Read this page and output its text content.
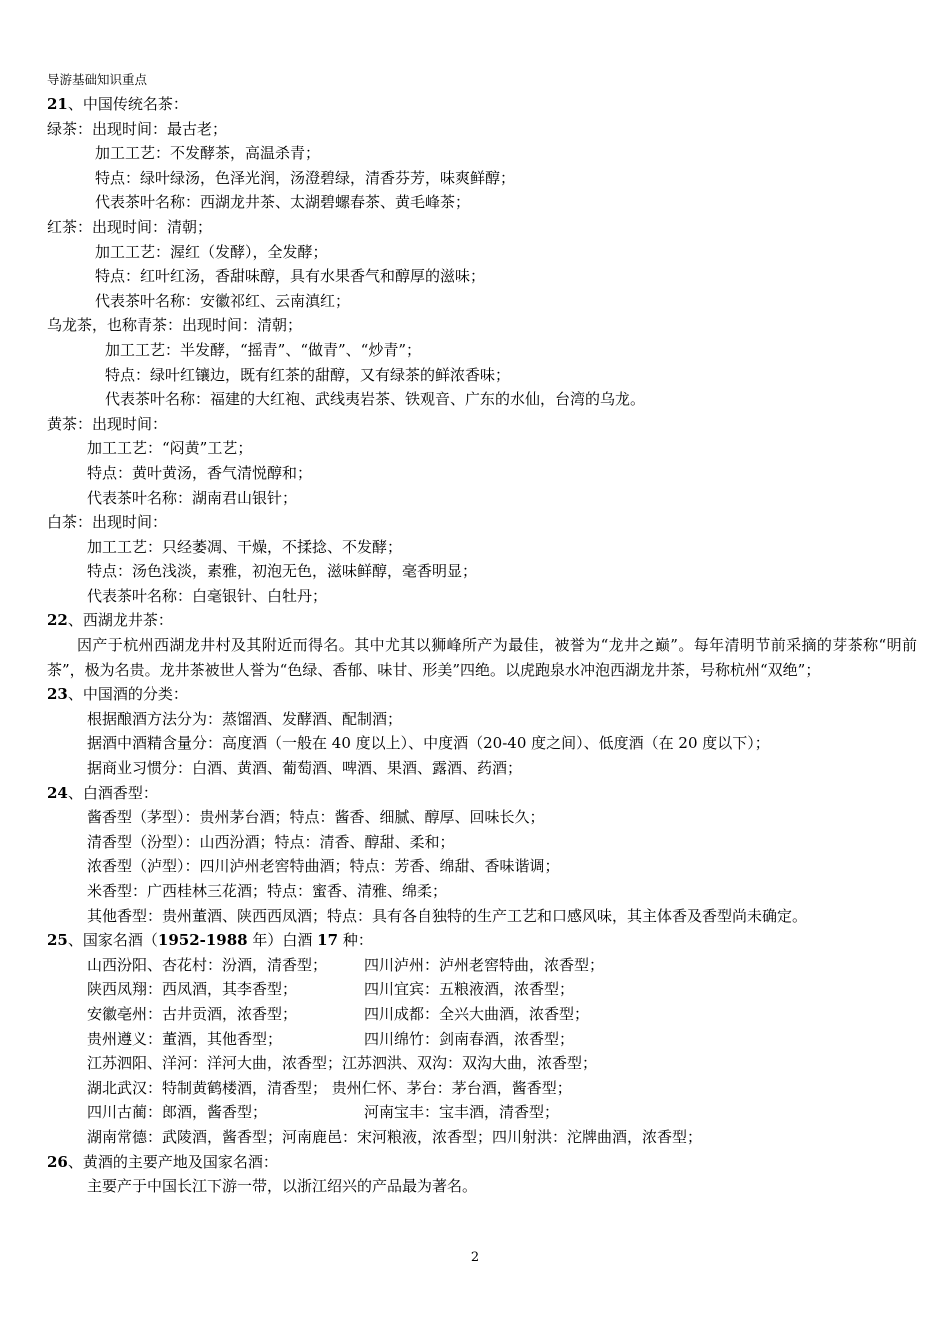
导游基础知识重点
21、中国传统名茶：
绿茶：出现时间：最古老；
加工工艺：不发酵茶，高温杀青；
特点：绿叶绿汤，色泽光润，汤澄碧绿，清香芬芳，味爽鲜醇；
代表茶叶名称：西湖龙井茶、太湖碧螺春茶、黄毛峰茶；
红茶：出现时间：清朝；
加工工艺：渥红（发酵），全发酵；
特点：红叶红汤，香甜味醇，具有水果香气和醇厚的滋味；
代表茶叶名称：安徽祁红、云南滇红；
乌龙茶，也称青茶：出现时间：清朝；
加工工艺：半发酵，“摇青”、“做青”、“炒青”；
特点：绿叶红镶边，既有红茶的甜醇，又有绿茶的鲜浓香味；
代表茶叶名称：福建的大红袍、武线夷岩茶、铁观音、广东的水仙，台湾的乌龙。
黄茶：出现时间：
加工工艺：“闷黄”工艺；
特点：黄叶黄汤，香气清悦醇和；
代表茶叶名称：湖南君山银针；
白茶：出现时间：
加工工艺：只经萎凋、干燥，不揉捻、不发酵；
特点：汤色浅淡，素雅，初泡无色，滋味鲜醇，毫香明显；
代表茶叶名称：白毫银针、白牡丹；
22、西湖龙井茶：
因产于杭州西湖龙井村及其附近而得名。其中尤其以狮峰所产为最佳，被誉为“龙井之巅”。每年清明节前采摘的芽茶称“明前茶”，极为名贵。龙井茶被世人誉为“色绿、香郁、味甘、形美”四绝。以虎跑泉水冲泡西湖龙井茶，号称杭州“双绝”；
23、中国酒的分类：
根据酿酒方法分为：蒸馏酒、发酵酒、配制酒；
据酒中酒精含量分：高度酒（一般在 40 度以上）、中度酒（20-40 度之间）、低度酒（在 20 度以下）；
据商业习惯分：白酒、黄酒、葡萄酒、啤酒、果酒、露酒、药酒；
24、白酒香型：
酱香型（茅型）：贵州茅台酒；特点：酱香、细腻、醇厚、回味长久；
清香型（汾型）：山西汾酒；特点：清香、醇甜、柔和；
浓香型（泸型）：四川泸州老窖特曲酒；特点：芳香、绵甜、香味谐调；
米香型：广西桂林三花酒；特点：蜜香、清雅、绵柔；
其他香型：贵州董酒、陕西西凤酒；特点：具有各自独特的生产工艺和口感风味，其主体香及香型尚未确定。
25、国家名酒（1952-1988 年）白酒 17 种：
山西汾阳、杏花村：汾酒，清香型； 四川泸州：泸州老窖特曲，浓香型；
陕西凤翔：西凤酒，其李香型；	四川宜宾：五粮液酒，浓香型；
安徽亳州：古井贡酒，浓香型；	四川成都：全兴大曲酒，浓香型；
贵州遵义：董酒，其他香型；	四川绵竹：剑南春酒，浓香型；
江苏泗阳、洋河：洋河大曲，浓香型；江苏泗洪、双沟：双沟大曲，浓香型；
湖北武汉：特制黄鹤楼酒，清香型； 贵州仁怀、茅台：茅台酒，酱香型；
四川古蔺：郎酒，酱香型；	河南宝丰：宝丰酒，清香型；
湖南常德：武陵酒，酱香型；河南鹿邑：宋河粮液，浓香型；四川射洪：沱牌曲酒，浓香型；
26、黄酒的主要产地及国家名酒：
主要产于中国长江下游一带，以浙江绍兴的产品最为著名。
2
